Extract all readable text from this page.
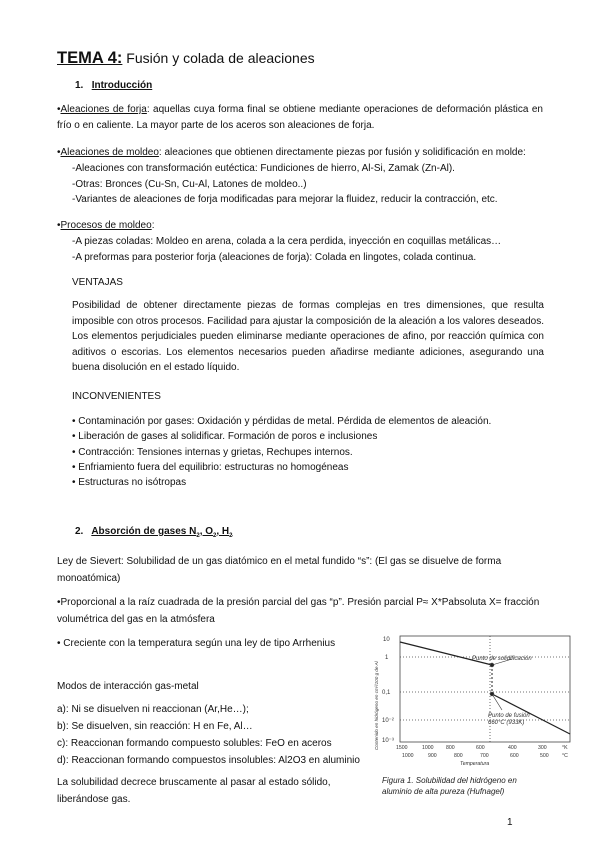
TEMA 4: Fusión y colada de aleaciones
1. Introducción
•Aleaciones de forja: aquellas cuya forma final se obtiene mediante operaciones de deformación plástica en frío o en caliente. La mayor parte de los aceros son aleaciones de forja.
•Aleaciones de moldeo: aleaciones que obtienen directamente piezas por fusión y solidificación en molde:
-Aleaciones con transformación eutéctica: Fundiciones de hierro, Al-Si, Zamak (Zn-Al).
-Otras: Bronces (Cu-Sn, Cu-Al, Latones de moldeo..)
-Variantes de aleaciones de forja modificadas para mejorar la fluidez, reducir la contracción, etc.
•Procesos de moldeo:
-A piezas coladas: Moldeo en arena, colada a la cera perdida, inyección en coquillas metálicas…
-A preformas para posterior forja (aleaciones de forja): Colada en lingotes, colada continua.
VENTAJAS
Posibilidad de obtener directamente piezas de formas complejas en tres dimensiones, que resulta imposible con otros procesos. Facilidad para ajustar la composición de la aleación a los valores deseados. Los elementos perjudiciales pueden eliminarse mediante operaciones de afino, por reacción química con aditivos o escorias. Los elementos necesarios pueden añadirse mediante adiciones, asegurando una buena disolución en el estado líquido.
INCONVENIENTES
• Contaminación por gases: Oxidación y pérdidas de metal. Pérdida de elementos de aleación.
• Liberación de gases al solidificar. Formación de poros e inclusiones
• Contracción: Tensiones internas y grietas, Rechupes internos.
• Enfriamiento fuera del equilibrio: estructuras no homogéneas
• Estructuras no isótropas
2. Absorción de gases $N_2$, $O_2$, $H_2$
Ley de Sievert: Solubilidad de un gas diatómico en el metal fundido “s”: (El gas se disuelve de forma monoatómica)
•Proporcional a la raíz cuadrada de la presión parcial del gas “p”. Presión parcial P≈ X*Pabsoluta X= fracción volumétrica del gas en la atmósfera
• Creciente con la temperatura según una ley de tipo Arrhenius
Modos de interacción gas-metal
a): Ni se disuelven ni reaccionan (Ar,He…);
b): Se disuelven, sin reacción: H en Fe, Al…
c): Reaccionan formando compuesto solubles: FeO en aceros
d): Reaccionan formando compuestos insolubles: Al2O3 en aluminio
La solubilidad decrece bruscamente al pasar al estado sólido, liberándose gas.
10
1
0,1
10⁻²
10⁻³
Punto de solidificación
Punto de fusión
660°C (933K)
1500	1000 800	600	400	300	°K
1000	900	800	700	600	500	°C
Temperatura
Contenido en hidrógeno en cm³/100 g de Al
Figura 1. Solubilidad del hidrógeno en
aluminio de alta pureza (Hufnagel)
1
